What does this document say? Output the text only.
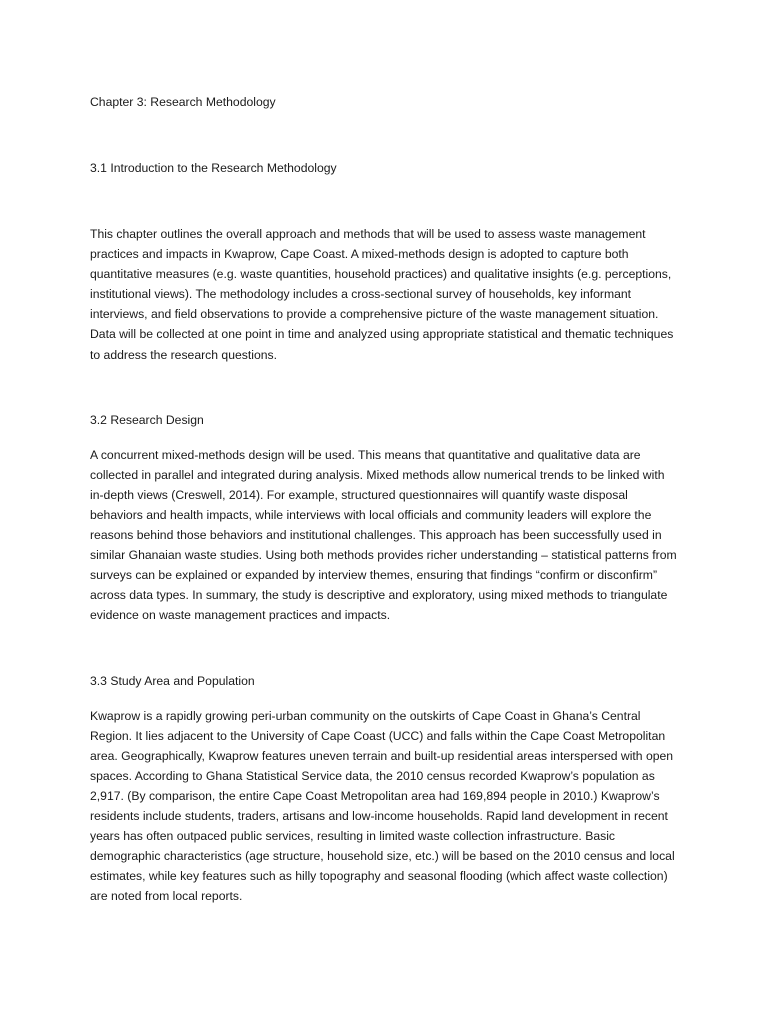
Chapter 3: Research Methodology

3.1 Introduction to the Research Methodology

This chapter outlines the overall approach and methods that will be used to assess waste management practices and impacts in Kwaprow, Cape Coast. A mixed-methods design is adopted to capture both quantitative measures (e.g. waste quantities, household practices) and qualitative insights (e.g. perceptions, institutional views). The methodology includes a cross-sectional survey of households, key informant interviews, and field observations to provide a comprehensive picture of the waste management situation. Data will be collected at one point in time and analyzed using appropriate statistical and thematic techniques to address the research questions.

3.2 Research Design

A concurrent mixed-methods design will be used. This means that quantitative and qualitative data are collected in parallel and integrated during analysis. Mixed methods allow numerical trends to be linked with in-depth views (Creswell, 2014). For example, structured questionnaires will quantify waste disposal behaviors and health impacts, while interviews with local officials and community leaders will explore the reasons behind those behaviors and institutional challenges. This approach has been successfully used in similar Ghanaian waste studies. Using both methods provides richer understanding – statistical patterns from surveys can be explained or expanded by interview themes, ensuring that findings “confirm or disconfirm” across data types. In summary, the study is descriptive and exploratory, using mixed methods to triangulate evidence on waste management practices and impacts.

3.3 Study Area and Population

Kwaprow is a rapidly growing peri-urban community on the outskirts of Cape Coast in Ghana’s Central Region. It lies adjacent to the University of Cape Coast (UCC) and falls within the Cape Coast Metropolitan area. Geographically, Kwaprow features uneven terrain and built-up residential areas interspersed with open spaces. According to Ghana Statistical Service data, the 2010 census recorded Kwaprow’s population as 2,917. (By comparison, the entire Cape Coast Metropolitan area had 169,894 people in 2010.) Kwaprow’s residents include students, traders, artisans and low-income households. Rapid land development in recent years has often outpaced public services, resulting in limited waste collection infrastructure. Basic demographic characteristics (age structure, household size, etc.) will be based on the 2010 census and local estimates, while key features such as hilly topography and seasonal flooding (which affect waste collection) are noted from local reports.
